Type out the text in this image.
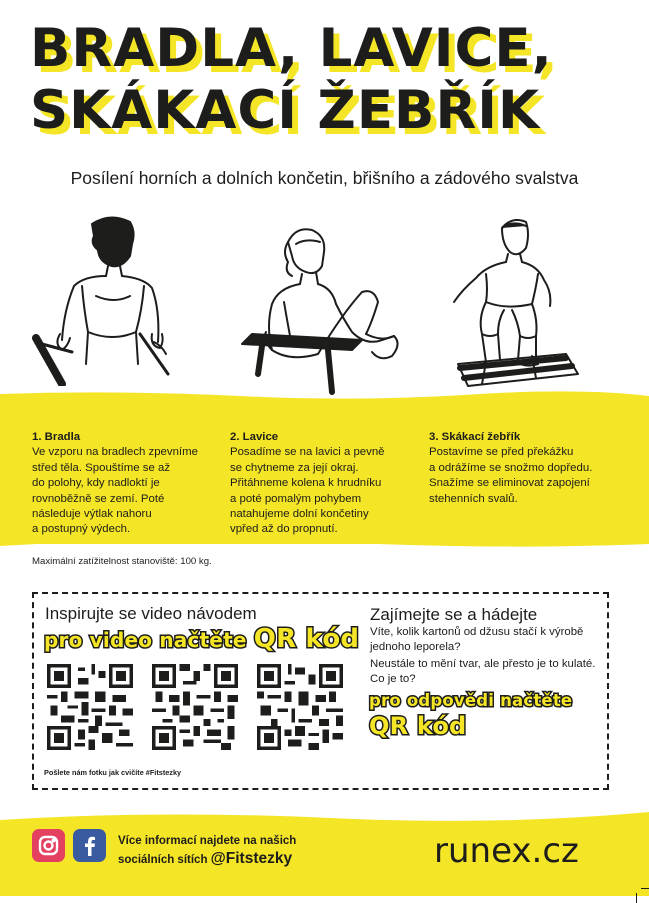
BRADLA, LAVICE,
SKÁKACÍ ŽEBŘÍK
Posílení horních a dolních končetin, břišního a zádového svalstva
1. Bradla

Ve vzporu na bradlech zpevníme
střed těla. Spouštíme se až
do polohy, kdy nadloktí je
rovnoběžně se zemí. Poté
následuje výtlak nahoru
a postupný výdech.

2. Lavice

Posadíme se na lavici a pevně
se chytneme za její okraj.
Přitáhneme kolena k hrudníku
a poté pomalým pohybem
natahujeme dolní končetiny
vpřed až do propnutí.

3. Skákací žebřík

Postavíme se před překážku
a odrážíme se snožmo dopředu.
Snažíme se eliminovat zapojení
stehenních svalů.

Maximální zatížitelnost stanoviště: 100 kg.
Inspirujte se video návodem
pro video načtěte QR kód
Pošlete nám fotku jak cvičíte #Fitstezky
Zajímejte se a hádejte
Víte, kolik kartonů od džusu stačí k výrobě jednoho leporela?
Neustále to mění tvar, ale přesto je to kulaté. Co je to?
pro odpovědi načtěte
QR kód
Více informací najdete na našich
sociálních sítích @Fitstezky	runex.cz
